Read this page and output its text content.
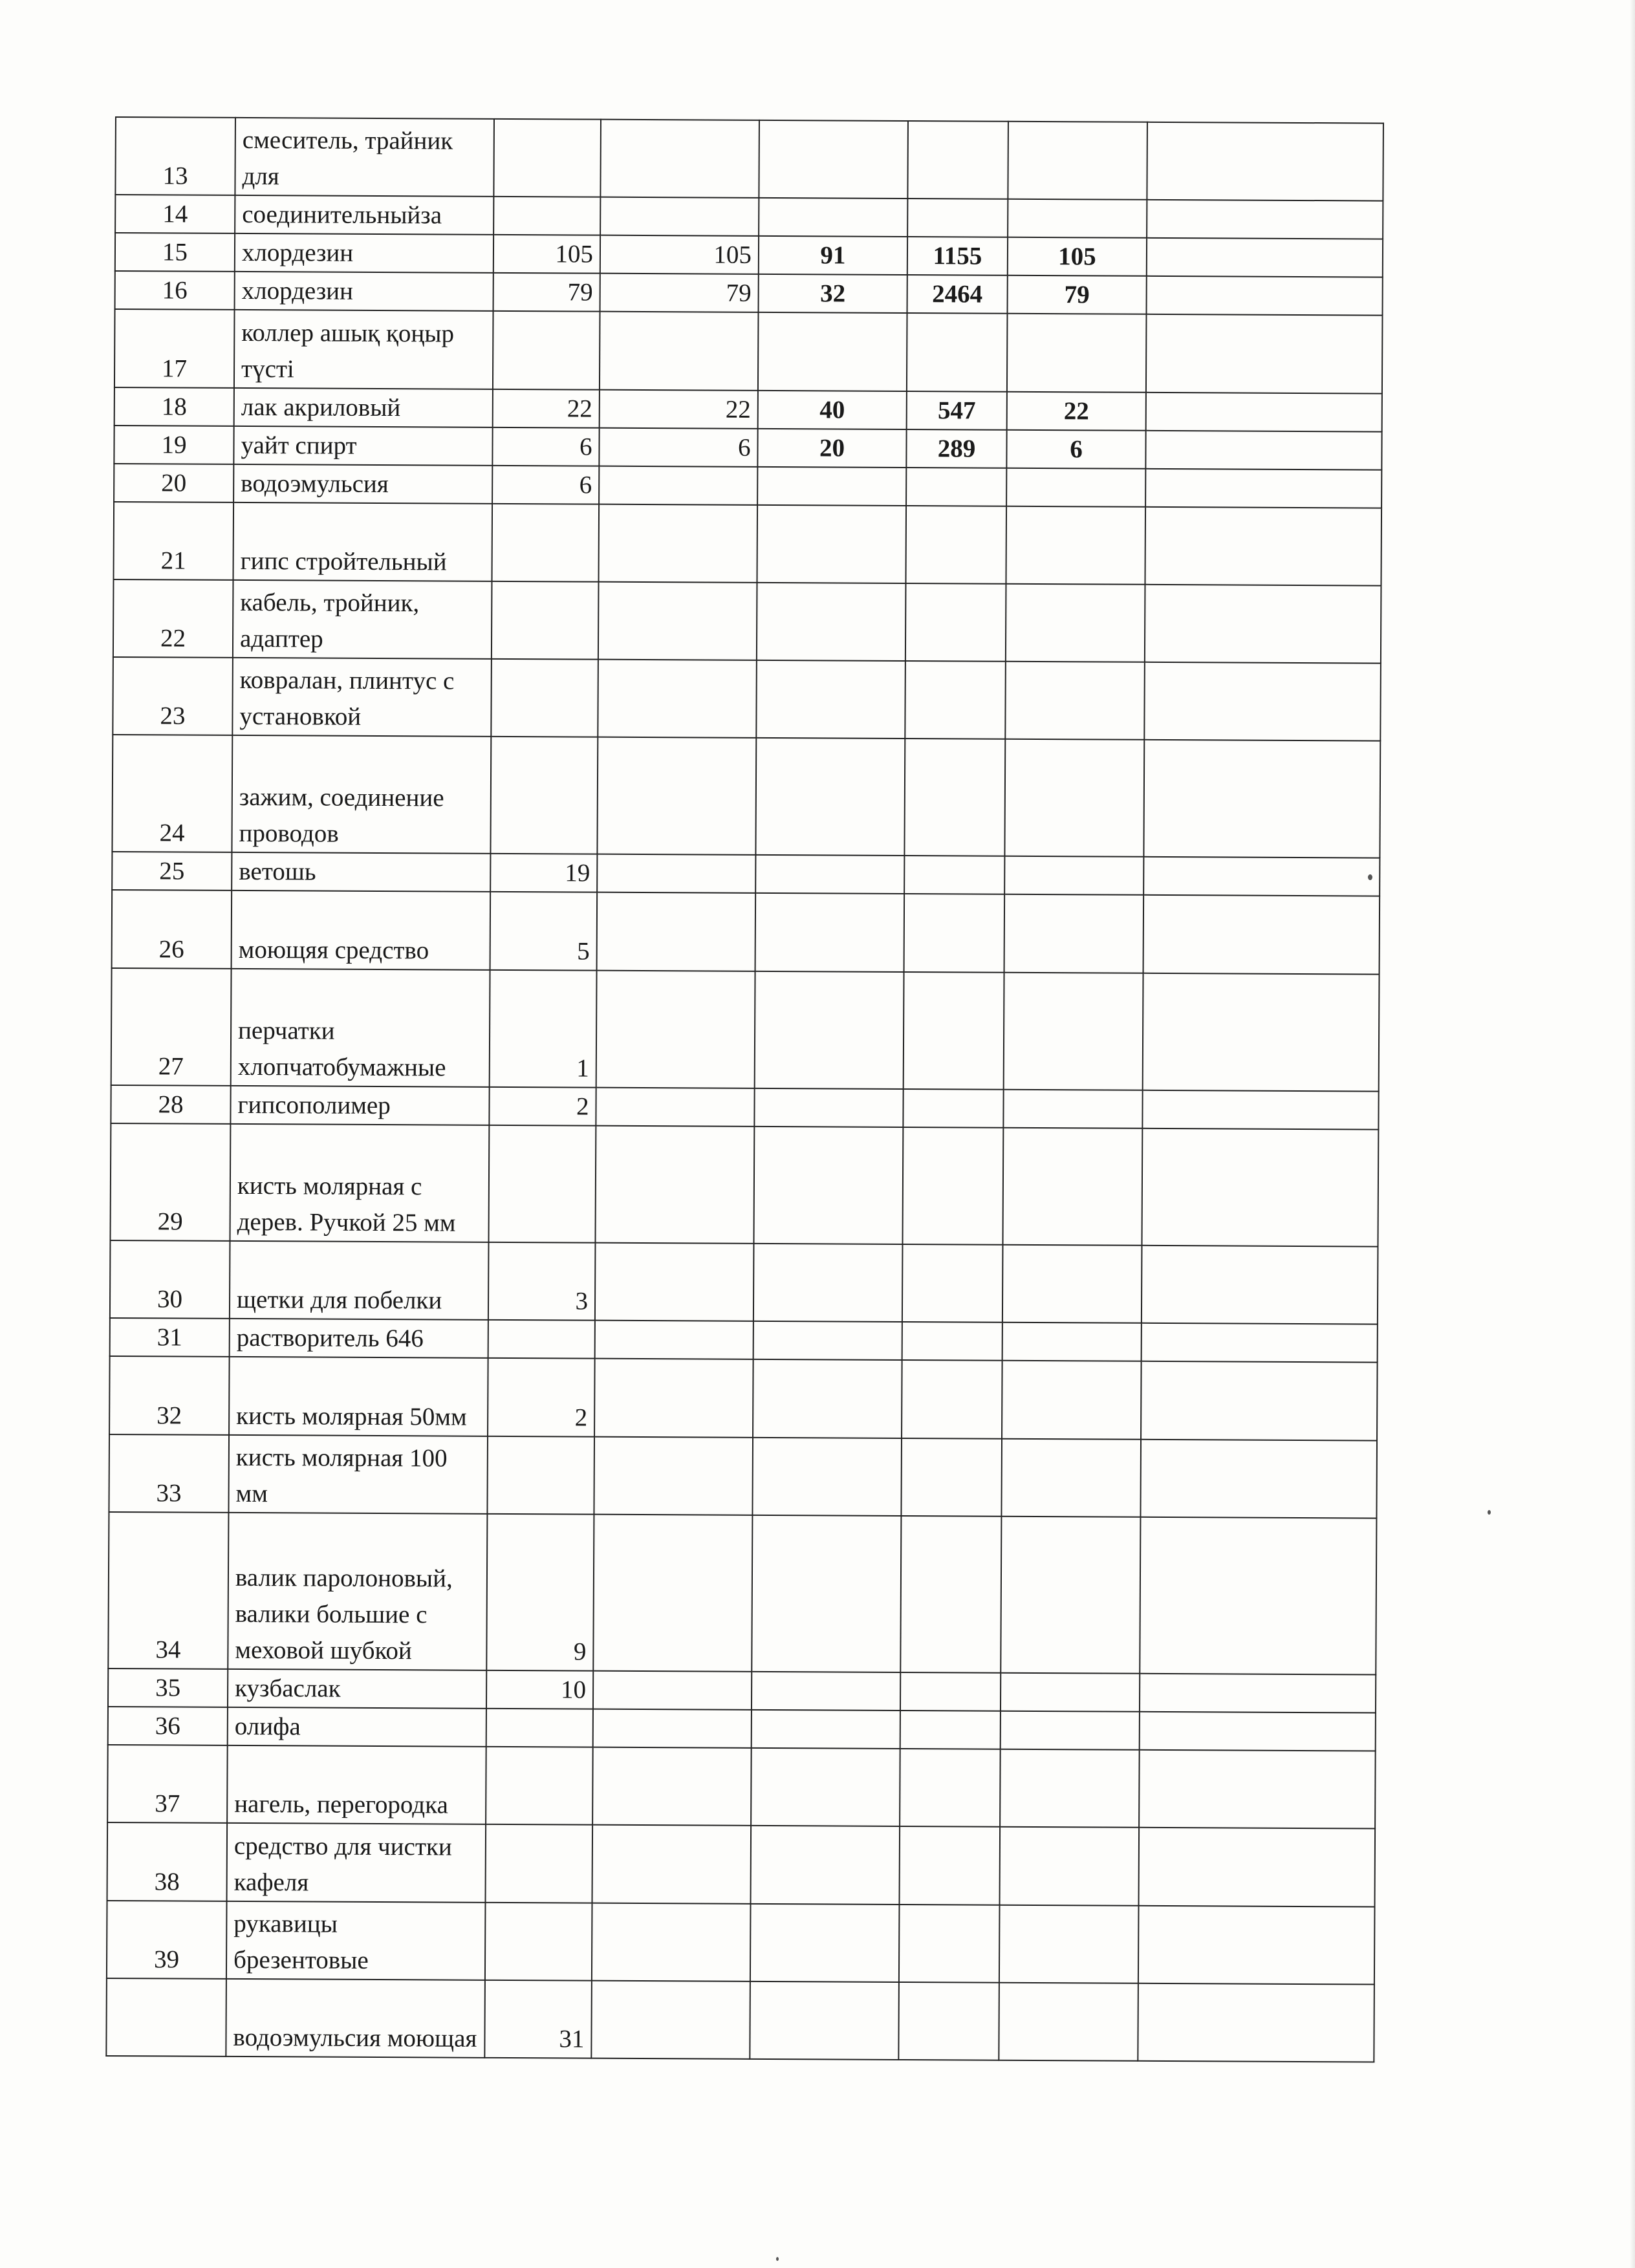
13	смеситель, трайник для						
14	соединительныйза						
15	хлордезин	105	105	91	1155	105	
16	хлордезин	79	79	32	2464	79	
17	коллер ашық қоңыр түсті						
18	лак акриловый	22	22	40	547	22	
19	уайт спирт	6	6	20	289	6	
20	водоэмульсия	6					
21	гипс стройтельный						
22	кабель, тройник, адаптер						
23	ковралан, плинтус с установкой						
24	зажим, соединение проводов						
25	ветошь	19					
26	моющяя средство	5					
27	перчатки хлопчатобумажные	1					
28	гипсополимер	2					
29	кисть молярная с дерев. Ручкой 25 мм						
30	щетки для побелки	3					
31	растворитель 646						
32	кисть молярная 50мм	2					
33	кисть молярная 100 мм						
34	валик паролоновый, валики большие с меховой шубкой	9					
35	кузбаслак	10					
36	олифа						
37	нагель, перегородка						
38	средство для чистки кафеля						
39	рукавицы брезентовые						
	водоэмульсия моющая	31					
